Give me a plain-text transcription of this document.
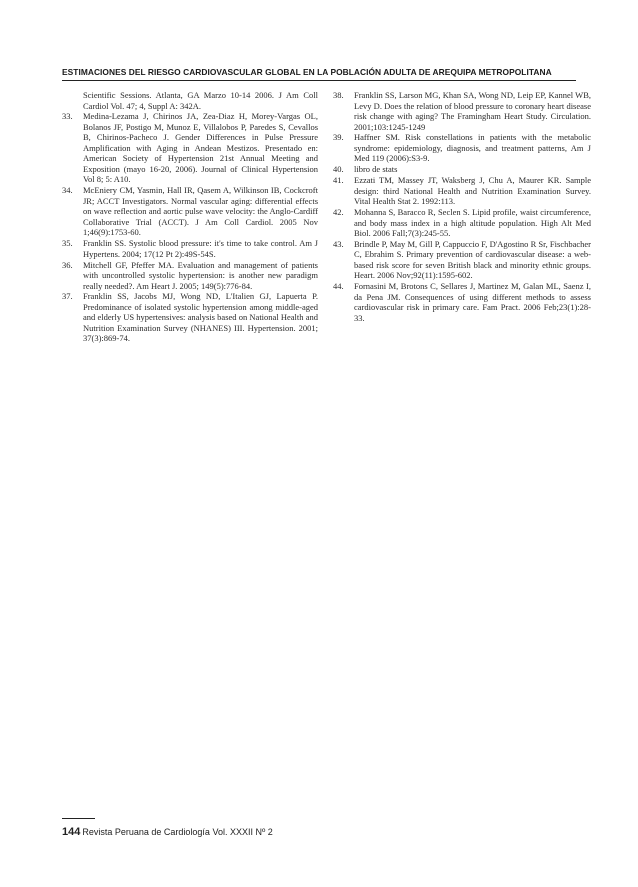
ESTIMACIONES DEL RIESGO CARDIOVASCULAR GLOBAL EN LA POBLACIÓN ADULTA DE AREQUIPA METROPOLITANA
Scientific Sessions. Atlanta, GA Marzo 10-14 2006. J Am Coll Cardiol Vol. 47; 4, Suppl A: 342A.
33. Medina-Lezama J, Chirinos JA, Zea-Diaz H, Morey-Vargas OL, Bolanos JF, Postigo M, Munoz E, Villalobos P, Paredes S, Cevallos B, Chirinos-Pacheco J. Gender Differences in Pulse Pressure Amplification with Aging in Andean Mestizos. Presentado en: American Society of Hypertension 21st Annual Meeting and Exposition (mayo 16-20, 2006). Journal of Clinical Hypertension Vol 8; 5: A10.
34. McEniery CM, Yasmin, Hall IR, Qasem A, Wilkinson IB, Cockcroft JR; ACCT Investigators. Normal vascular aging: differential effects on wave reflection and aortic pulse wave velocity: the Anglo-Cardiff Collaborative Trial (ACCT). J Am Coll Cardiol. 2005 Nov 1;46(9):1753-60.
35. Franklin SS. Systolic blood pressure: it's time to take control. Am J Hypertens. 2004; 17(12 Pt 2):49S-54S.
36. Mitchell GF, Pfeffer MA. Evaluation and management of patients with uncontrolled systolic hypertension: is another new paradigm really needed?. Am Heart J. 2005; 149(5):776-84.
37. Franklin SS, Jacobs MJ, Wong ND, L'Italien GJ, Lapuerta P. Predominance of isolated systolic hypertension among middle-aged and elderly US hypertensives: analysis based on National Health and Nutrition Examination Survey (NHANES) III. Hypertension. 2001; 37(3):869-74.
38. Franklin SS, Larson MG, Khan SA, Wong ND, Leip EP, Kannel WB, Levy D. Does the relation of blood pressure to coronary heart disease risk change with aging? The Framingham Heart Study. Circulation. 2001;103:1245-1249
39. Haffner SM. Risk constellations in patients with the metabolic syndrome: epidemiology, diagnosis, and treatment patterns, Am J Med 119 (2006):S3-9.
40. libro de stats
41. Ezzati TM, Massey JT, Waksberg J, Chu A, Maurer KR. Sample design: third National Health and Nutrition Examination Survey. Vital Health Stat 2. 1992:113.
42. Mohanna S, Baracco R, Seclen S. Lipid profile, waist circumference, and body mass index in a high altitude population. High Alt Med Biol. 2006 Fall;7(3):245-55.
43. Brindle P, May M, Gill P, Cappuccio F, D'Agostino R Sr, Fischbacher C, Ebrahim S. Primary prevention of cardiovascular disease: a web-based risk score for seven British black and minority ethnic groups. Heart. 2006 Nov;92(11):1595-602.
44. Fornasini M, Brotons C, Sellares J, Martinez M, Galan ML, Saenz I, da Pena JM. Consequences of using different methods to assess cardiovascular risk in primary care. Fam Pract. 2006 Feb;23(1):28-33.
144 Revista Peruana de Cardiología Vol. XXXII Nº 2
